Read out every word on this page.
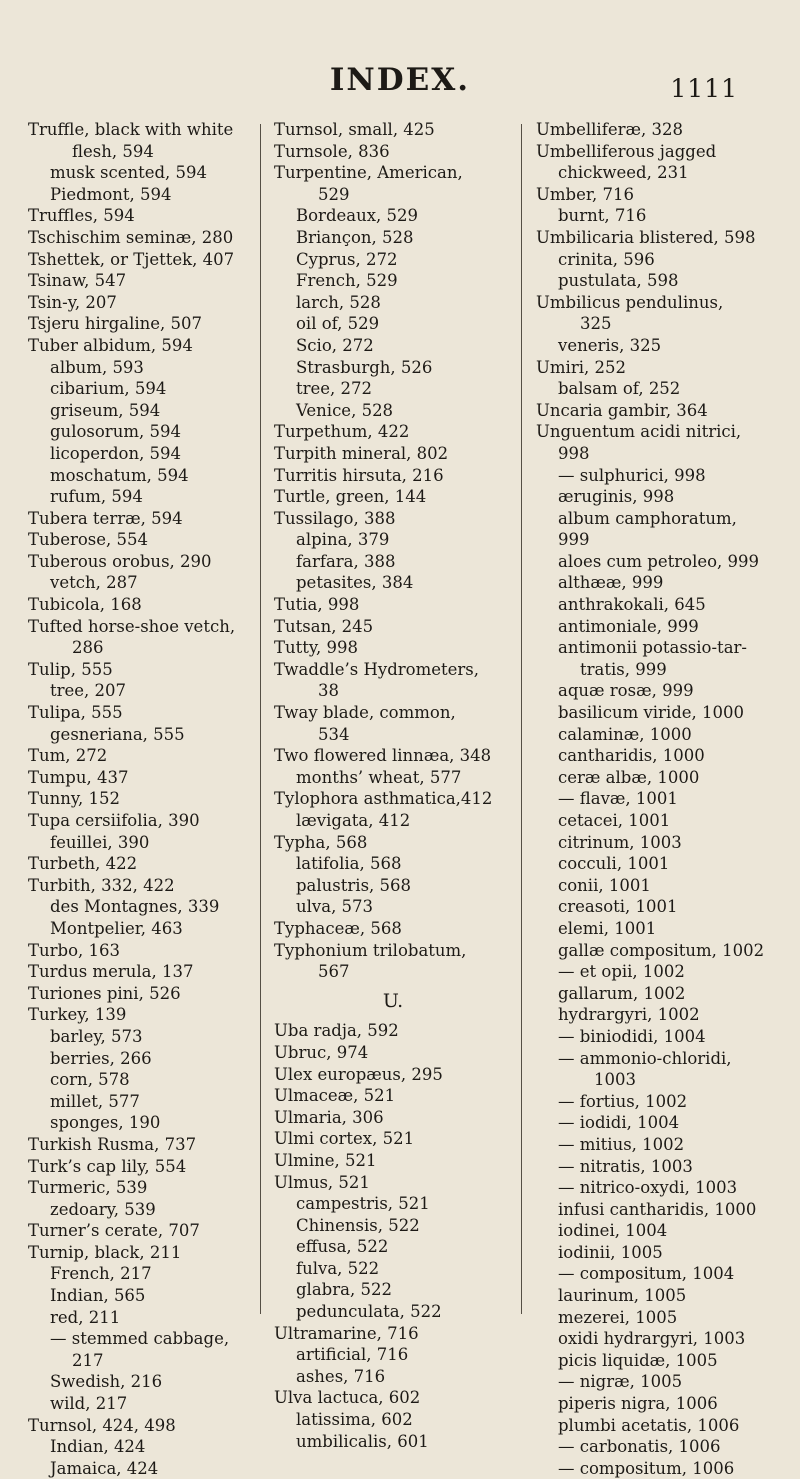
INDEX.	1111
Truffle, black with white
flesh, 594
musk scented, 594
Piedmont, 594
Truffles, 594
Tschischim seminæ, 280
Tshettek, or Tjettek, 407
Tsinaw, 547
Tsin-y, 207
Tsjeru hirgaline, 507
Tuber albidum, 594
album, 593
cibarium, 594
griseum, 594
gulosorum, 594
licoperdon, 594
moschatum, 594
rufum, 594
Tubera terræ, 594
Tuberose, 554
Tuberous orobus, 290
vetch, 287
Tubicola, 168
Tufted horse-shoe vetch,
286
Tulip, 555
tree, 207
Tulipa, 555
gesneriana, 555
Tum, 272
Tumpu, 437
Tunny, 152
Tupa cersiifolia, 390
feuillei, 390
Turbeth, 422
Turbith, 332, 422
des Montagnes, 339
Montpelier, 463
Turbo, 163
Turdus merula, 137
Turiones pini, 526
Turkey, 139
barley, 573
berries, 266
corn, 578
millet, 577
sponges, 190
Turkish Rusma, 737
Turk’s cap lily, 554
Turmeric, 539
zedoary, 539
Turner’s cerate, 707
Turnip, black, 211
French, 217
Indian, 565
red, 211
— stemmed cabbage,
217
Swedish, 216
wild, 217
Turnsol, 424, 498
Indian, 424
Jamaica, 424
Turnsol, small, 425
Turnsole, 836
Turpentine, American,
529
Bordeaux, 529
Briançon, 528
Cyprus, 272
French, 529
larch, 528
oil of, 529
Scio, 272
Strasburgh, 526
tree, 272
Venice, 528
Turpethum, 422
Turpith mineral, 802
Turritis hirsuta, 216
Turtle, green, 144
Tussilago, 388
alpina, 379
farfara, 388
petasites, 384
Tutia, 998
Tutsan, 245
Tutty, 998
Twaddle’s Hydrometers,
38
Tway blade, common,
534
Two flowered linnæa, 348
months’ wheat, 577
Tylophora asthmatica,412
lævigata, 412
Typha, 568
latifolia, 568
palustris, 568
ulva, 573
Typhaceæ, 568
Typhonium trilobatum,
567
U.
Uba radja, 592
Ubruc, 974
Ulex europæus, 295
Ulmaceæ, 521
Ulmaria, 306
Ulmi cortex, 521
Ulmine, 521
Ulmus, 521
campestris, 521
Chinensis, 522
effusa, 522
fulva, 522
glabra, 522
pedunculata, 522
Ultramarine, 716
artificial, 716
ashes, 716
Ulva lactuca, 602
latissima, 602
umbilicalis, 601
Umbelliferæ, 328
Umbelliferous jagged
chickweed, 231
Umber, 716
burnt, 716
Umbilicaria blistered, 598
crinita, 596
pustulata, 598
Umbilicus pendulinus,
325
veneris, 325
Umiri, 252
balsam of, 252
Uncaria gambir, 364
Unguentum acidi nitrici,
998
— sulphurici, 998
æruginis, 998
album camphoratum,
999
aloes cum petroleo, 999
althææ, 999
anthrakokali, 645
antimoniale, 999
antimonii potassio-tar-
tratis, 999
aquæ rosæ, 999
basilicum viride, 1000
calaminæ, 1000
cantharidis, 1000
ceræ albæ, 1000
— flavæ, 1001
cetacei, 1001
citrinum, 1003
cocculi, 1001
conii, 1001
creasoti, 1001
elemi, 1001
gallæ compositum, 1002
— et opii, 1002
gallarum, 1002
hydrargyri, 1002
— biniodidi, 1004
— ammonio-chloridi,
1003
— fortius, 1002
— iodidi, 1004
— mitius, 1002
— nitratis, 1003
— nitrico-oxydi, 1003
infusi cantharidis, 1000
iodinei, 1004
iodinii, 1005
— compositum, 1004
laurinum, 1005
mezerei, 1005
oxidi hydrargyri, 1003
picis liquidæ, 1005
— nigræ, 1005
piperis nigra, 1006
plumbi acetatis, 1006
— carbonatis, 1006
— compositum, 1006
